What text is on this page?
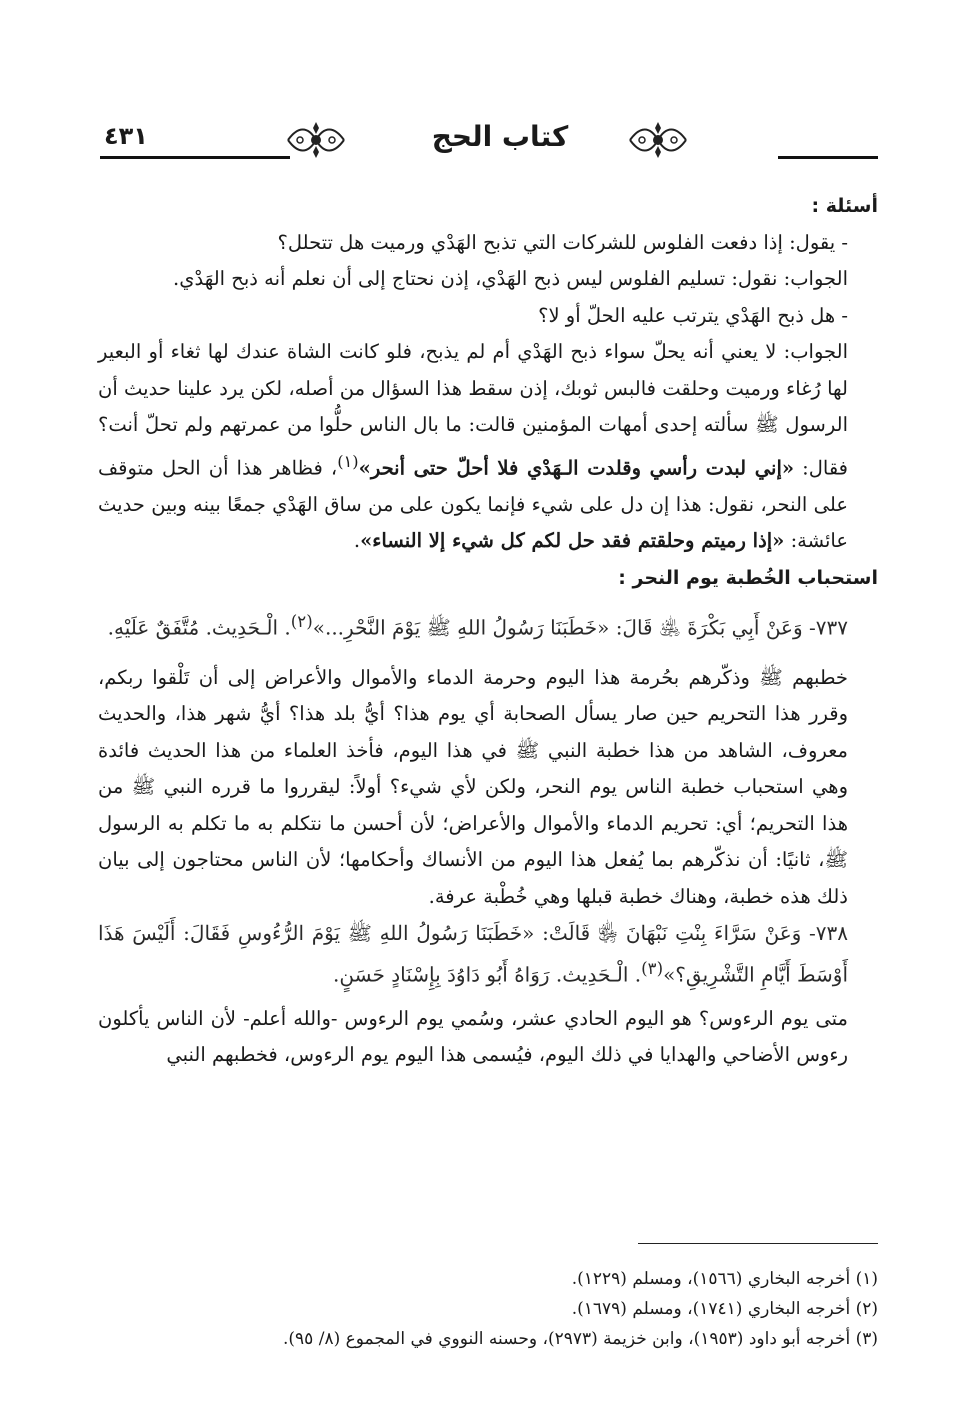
٤٣١	كتاب الحج

أسئلة :

- يقول: إذا دفعت الفلوس للشركات التي تذبح الهَدْي ورميت هل تتحلل؟

الجواب: نقول: تسليم الفلوس ليس ذبح الهَدْي، إذن نحتاج إلى أن نعلم أنه ذبح الهَدْي.

- هل ذبح الهَدْي يترتب عليه الحلّ أو لا؟

الجواب: لا يعني أنه يحلّ سواء ذبح الهَدْي أم لم يذبح، فلو كانت الشاة عندك لها ثغاء أو البعير لها رُغاء ورميت وحلقت فالبس ثوبك، إذن سقط هذا السؤال من أصله، لكن يرد علينا حديث أن الرسول ﷺ سألته إحدى أمهات المؤمنين قالت: ما بال الناس حلُّوا من عمرتهم ولم تحلّ أنت؟ فقال: «إني لبدت رأسي وقلدت الـهَدْي فلا أحلّ حتى أنحر»$^{(١)}$، فظاهر هذا أن الحل متوقف على النحر، نقول: هذا إن دل على شيء فإنما يكون على من ساق الهَدْي جمعًا بينه وبين حديث عائشة: «إذا رميتم وحلقتم فقد حل لكم كل شيء إلا النساء».

استحباب الخُطبة يوم النحر :

٧٣٧- وَعَنْ أَبِي بَكْرَةَ ﵁ قَالَ: «خَطَبَنَا رَسُولُ اللهِ ﷺ يَوْمَ النَّحْرِ...»$^{(٢)}$. الْـحَدِيث. مُتَّفَقٌ عَلَيْهِ.

خطبهم ﷺ وذكّرهم بحُرمة هذا اليوم وحرمة الدماء والأموال والأعراض إلى أن تَلْقوا ربكم، وقرر هذا التحريم حين صار يسأل الصحابة أي يوم هذا؟ أيُّ بلد هذا؟ أيُّ شهر هذا، والحديث معروف، الشاهد من هذا خطبة النبي ﷺ في هذا اليوم، فأخذ العلماء من هذا الحديث فائدة وهي استحباب خطبة الناس يوم النحر، ولكن لأي شيء؟ أولاً: ليقرروا ما قرره النبي ﷺ من هذا التحريم؛ أي: تحريم الدماء والأموال والأعراض؛ لأن أحسن ما نتكلم به ما تكلم به الرسول ﷺ، ثانيًا: أن نذكّرهم بما يُفعل هذا اليوم من الأنساك وأحكامها؛ لأن الناس محتاجون إلى بيان ذلك هذه خطبة، وهناك خطبة قبلها وهي خُطْبة عرفة.

٧٣٨- وَعَنْ سَرَّاءَ بِنْتِ نَبْهَانَ ﵂ قَالَتْ: «خَطَبَنَا رَسُولُ اللهِ ﷺ يَوْمَ الرُّءُوسِ فَقَالَ: أَلَيْسَ هَذَا أَوْسَطَ أَيَّامِ التَّشْرِيقِ؟»$^{(٣)}$. الْـحَدِيث. رَوَاهُ أَبُو دَاوُدَ بِإِسْنَادٍ حَسَنٍ.

متى يوم الرءوس؟ هو اليوم الحادي عشر، وسُمي يوم الرءوس -والله أعلم- لأن الناس يأكلون رءوس الأضاحي والهدايا في ذلك اليوم، فيُسمى هذا اليوم يوم الرءوس، فخطبهم النبي

(١) أخرجه البخاري (١٥٦٦)، ومسلم (١٢٢٩).

(٢) أخرجه البخاري (١٧٤١)، ومسلم (١٦٧٩).

(٣) أخرجه أبو داود (١٩٥٣)، وابن خزيمة (٢٩٧٣)، وحسنه النووي في المجموع (٨/ ٩٥).
